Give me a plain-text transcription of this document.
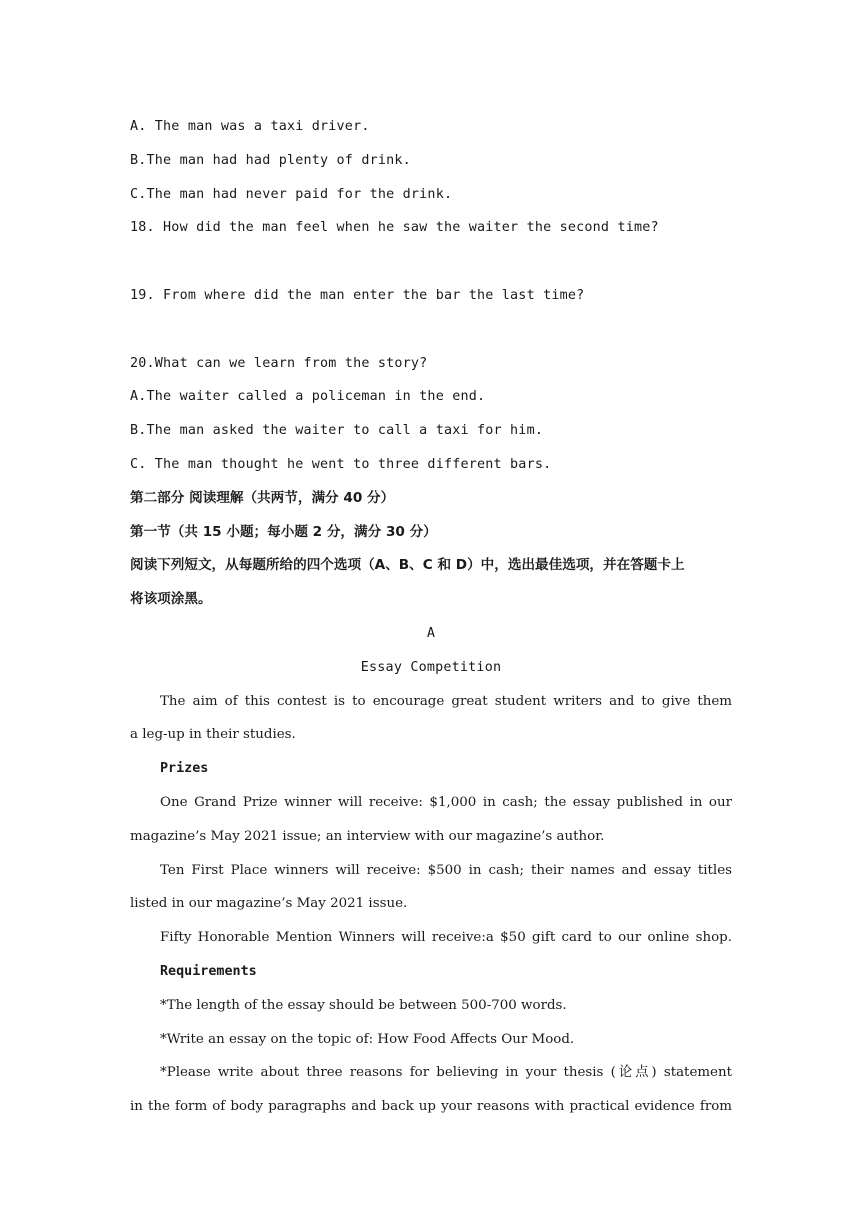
A. The man was a taxi driver.
B.The man had had plenty of drink.
C.The man had never paid for the drink.
18. How did the man feel when he saw the waiter the second time?

19. From where did the man enter the bar the last time?

20.What can we learn from the story?
A.The waiter called a policeman in the end.
B.The man asked the waiter to call a taxi for him.
C. The man thought he went to three different bars.
第二部分 阅读理解（共两节，满分 40 分）
第一节（共 15 小题；每小题 2 分，满分 30 分）
阅读下列短文，从每题所给的四个选项（A、B、C 和 D）中，选出最佳选项，并在答题卡上
将该项涂黑。
A
Essay Competition
The aim of this contest is to encourage great student writers and to give them
a leg-up in their studies.
Prizes
One Grand Prize winner will receive: $1,000 in cash; the essay published in our
magazine’s May 2021 issue; an interview with our magazine’s author.
Ten First Place winners will receive: $500 in cash; their names and essay titles
listed in our magazine’s May 2021 issue.
Fifty Honorable Mention Winners will receive:a $50 gift card to our online shop.
Requirements
*The length of the essay should be between 500-700 words.
*Write an essay on the topic of: How Food Affects Our Mood.
*Please write about three reasons for believing in your thesis (论点) statement
in the form of body paragraphs and back up your reasons with practical evidence from
